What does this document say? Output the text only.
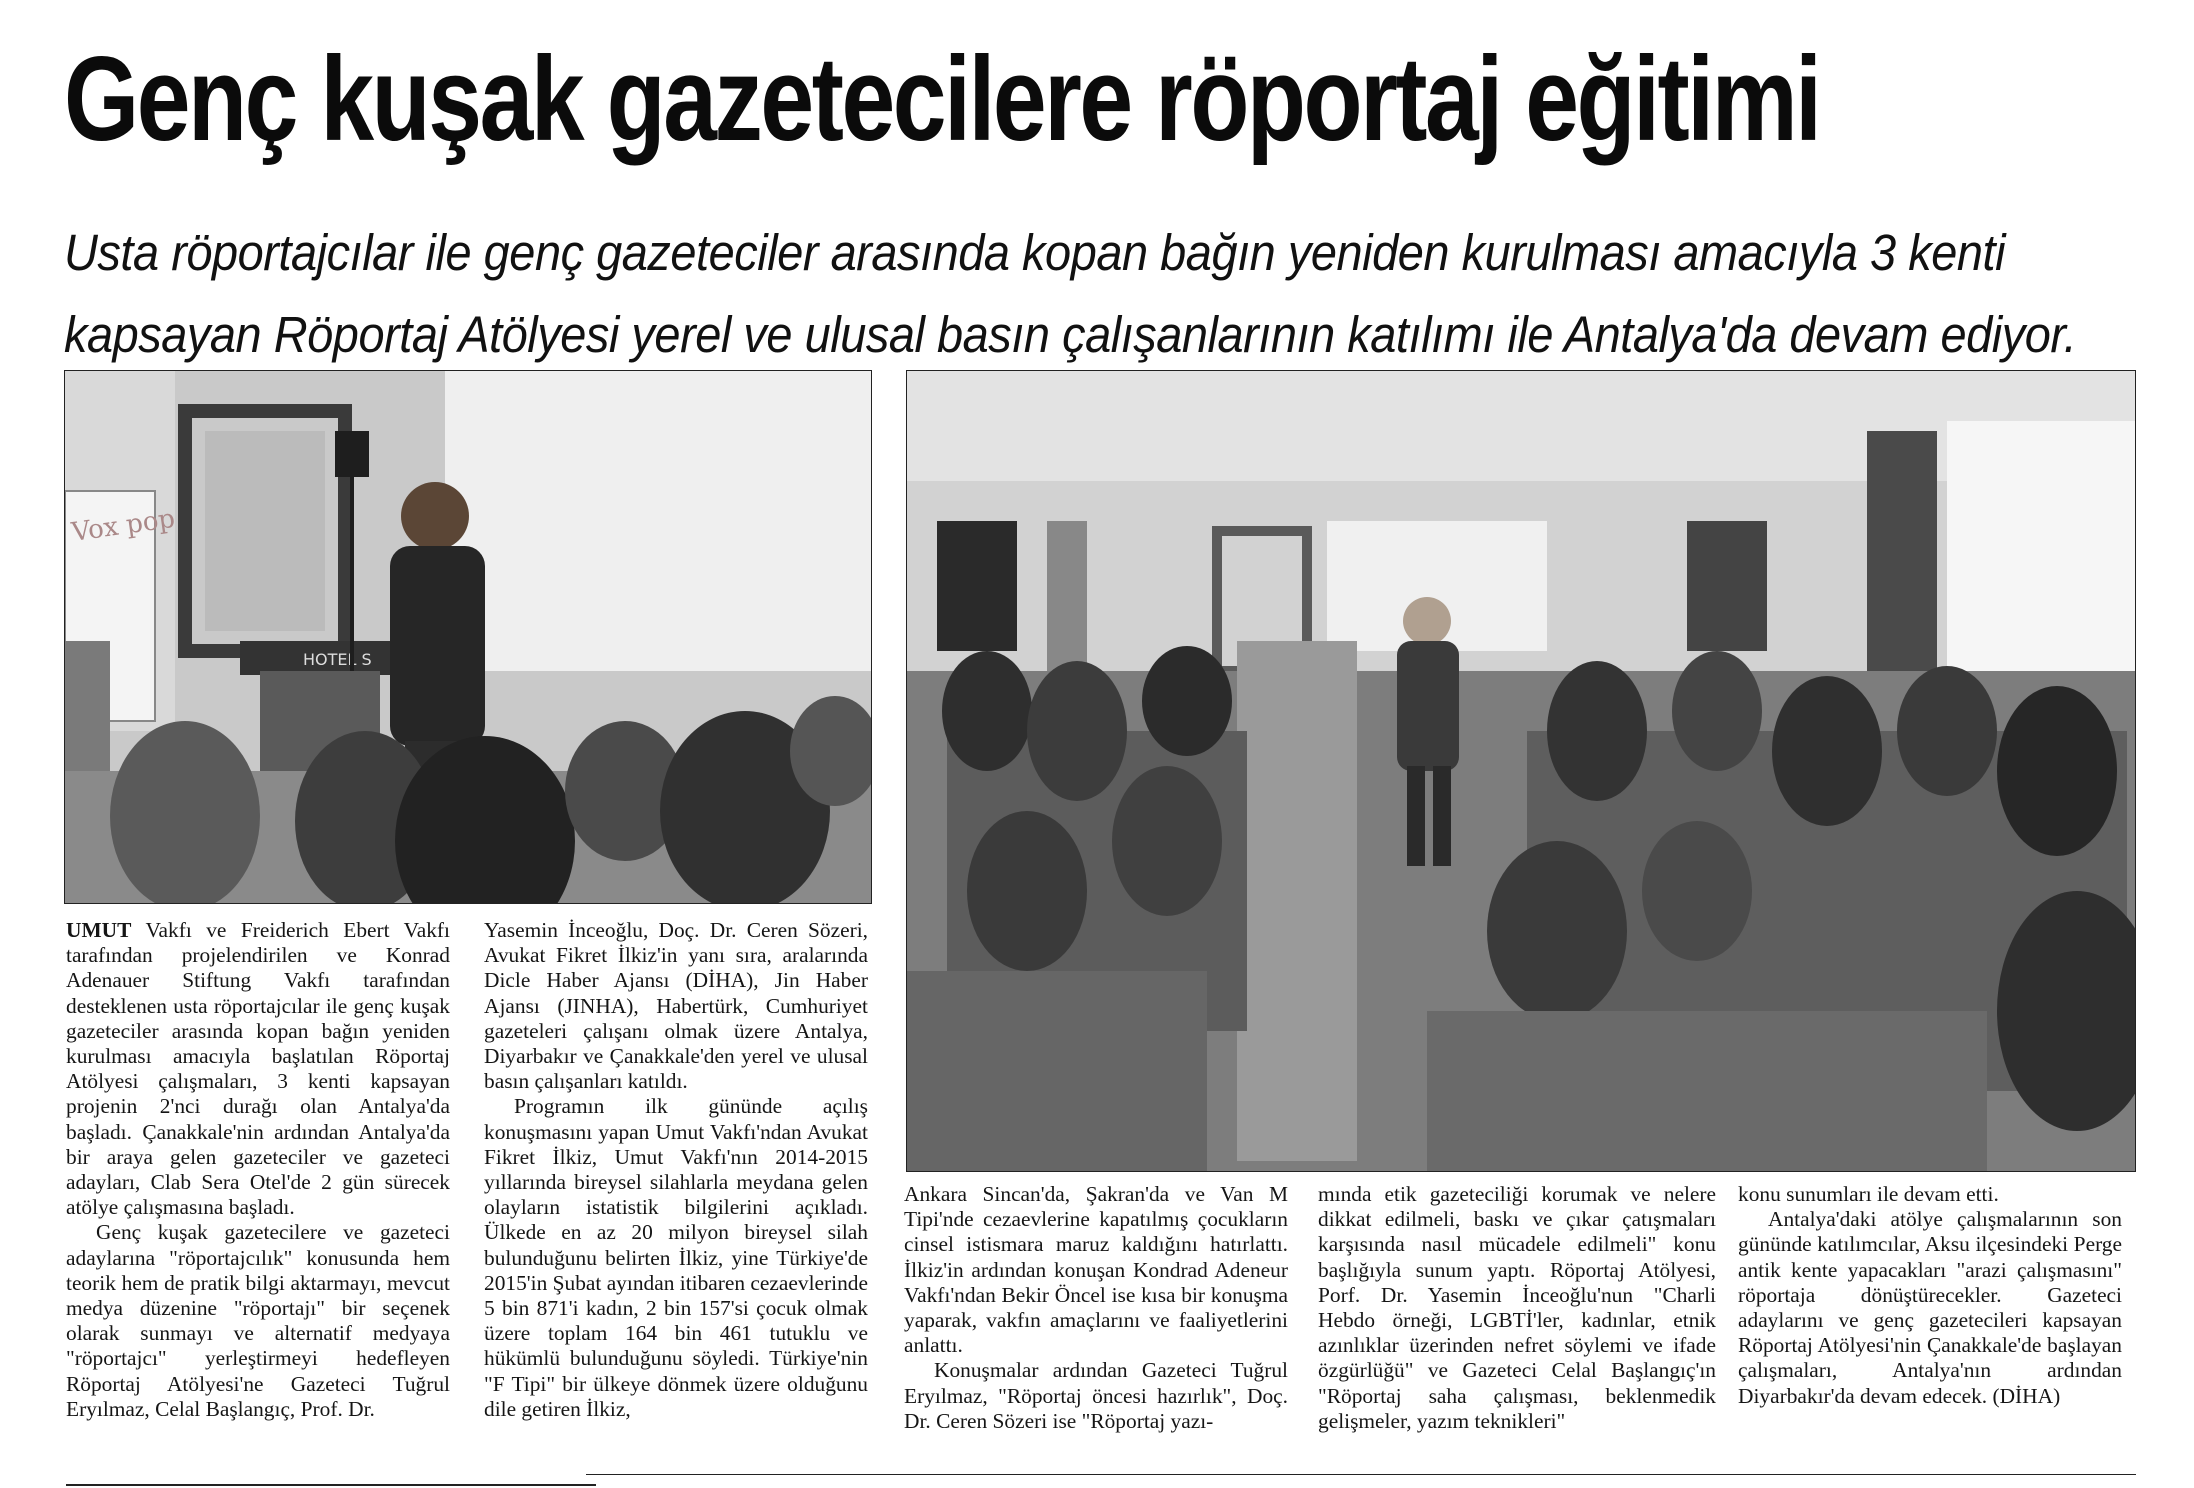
Genç kuşak gazetecilere röportaj eğitimi
Usta röportajcılar ile genç gazeteciler arasında kopan bağın yeniden kurulması amacıyla 3 kenti
kapsayan Röportaj Atölyesi yerel ve ulusal basın çalışanlarının katılımı ile Antalya'da devam ediyor.
Vox pop
HOTEL S

UMUT Vakfı ve Freiderich Ebert Vakfı tarafından projelendirilen ve Konrad Adenauer Stiftung Vakfı tarafından desteklenen usta röportajcılar ile genç kuşak gazeteciler arasında kopan bağın yeniden kurulması amacıyla başlatılan Röportaj Atölyesi çalışmaları, 3 kenti kapsayan projenin 2'nci durağı olan Antalya'da başladı. Çanakkale'nin ardından Antalya'da bir araya gelen gazeteciler ve gazeteci adayları, Clab Sera Otel'de 2 gün sürecek atölye çalışmasına başladı.

Genç kuşak gazetecilere ve gazeteci adaylarına "röportajcılık" konusunda hem teorik hem de pratik bilgi aktarmayı, mevcut medya düzenine "röportajı" bir seçenek olarak sunmayı ve alternatif medyaya "röportajcı" yerleştirmeyi hedefleyen Röportaj Atölyesi'ne Gazeteci Tuğrul Eryılmaz, Celal Başlangıç, Prof. Dr.

Yasemin İnceoğlu, Doç. Dr. Ceren Sözeri, Avukat Fikret İlkiz'in yanı sıra, aralarında Dicle Haber Ajansı (DİHA), Jin Haber Ajansı (JINHA), Habertürk, Cumhuriyet gazeteleri çalışanı olmak üzere Antalya, Diyarbakır ve Çanakkale'den yerel ve ulusal basın çalışanları katıldı.

Programın ilk gününde açılış konuşmasını yapan Umut Vakfı'ndan Avukat Fikret İlkiz, Umut Vakfı'nın 2014-2015 yıllarında bireysel silahlarla meydana gelen olayların istatistik bilgilerini açıkladı. Ülkede en az 20 milyon bireysel silah bulunduğunu belirten İlkiz, yine Türkiye'de 2015'in Şubat ayından itibaren cezaevlerinde 5 bin 871'i kadın, 2 bin 157'si çocuk olmak üzere toplam 164 bin 461 tutuklu ve hükümlü bulunduğunu söyledi. Türkiye'nin "F Tipi" bir ülkeye dönmek üzere olduğunu dile getiren İlkiz,

Ankara Sincan'da, Şakran'da ve Van M Tipi'nde cezaevlerine kapatılmış çocukların cinsel istismara maruz kaldığını hatırlattı. İlkiz'in ardından konuşan Kondrad Adeneur Vakfı'ndan Bekir Öncel ise kısa bir konuşma yaparak, vakfın amaçlarını ve faaliyetlerini anlattı.

Konuşmalar ardından Gazeteci Tuğrul Eryılmaz, "Röportaj öncesi hazırlık", Doç. Dr. Ceren Sözeri ise "Röportaj yazı-

mında etik gazeteciliği korumak ve nelere dikkat edilmeli, baskı ve çıkar çatışmaları karşısında nasıl mücadele edilmeli" konu başlığıyla sunum yaptı. Röportaj Atölyesi, Porf. Dr. Yasemin İnceoğlu'nun "Charli Hebdo örneği, LGBTİ'ler, kadınlar, etnik azınlıklar üzerinden nefret söylemi ve ifade özgürlüğü" ve Gazeteci Celal Başlangıç'ın "Röportaj saha çalışması, beklenmedik gelişmeler, yazım teknikleri"

konu sunumları ile devam etti.

Antalya'daki atölye çalışmalarının son gününde katılımcılar, Aksu ilçesindeki Perge antik kente yapacakları "arazi çalışmasını" röportaja dönüştürecekler. Gazeteci adaylarını ve genç gazetecileri kapsayan Röportaj Atölyesi'nin Çanakkale'de başlayan çalışmaları, Antalya'nın ardından Diyarbakır'da devam edecek. (DİHA)
